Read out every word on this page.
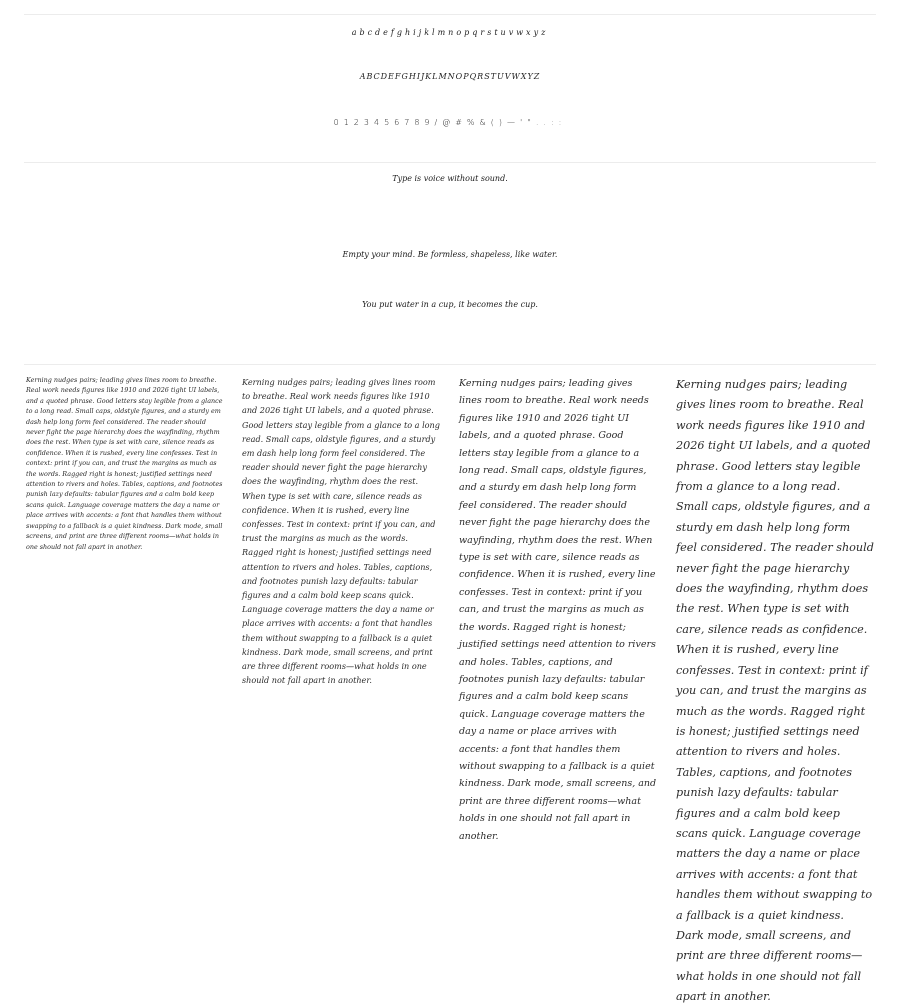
abcdefghijklmnopqrstuvwxyz
ABCDEFGHIJKLMNOPQRSTUVWXYZ
0123456789/@#%&()—'"..::
Type is voice without sound.
Empty your mind. Be formless, shapeless, like water.
You put water in a cup, it becomes the cup.
Kerning nudges pairs; leading gives lines room to breathe. Real work needs figures like 1910 and 2026 tight UI labels, and a quoted phrase. Good letters stay legible from a glance to a long read. Small caps, oldstyle figures, and a sturdy em dash help long form feel considered. The reader should never fight the page hierarchy does the wayfinding, rhythm does the rest. When type is set with care, silence reads as confidence. When it is rushed, every line confesses. Test in context: print if you can, and trust the margins as much as the words. Ragged right is honest; justified settings need attention to rivers and holes. Tables, captions, and footnotes punish lazy defaults: tabular figures and a calm bold keep scans quick. Language coverage matters the day a name or place arrives with accents: a font that handles them without swapping to a fallback is a quiet kindness. Dark mode, small screens, and print are three different rooms—what holds in one should not fall apart in another.
Kerning nudges pairs; leading gives lines room to breathe. Real work needs figures like 1910 and 2026 tight UI labels, and a quoted phrase. Good letters stay legible from a glance to a long read. Small caps, oldstyle figures, and a sturdy em dash help long form feel considered. The reader should never fight the page hierarchy does the wayfinding, rhythm does the rest. When type is set with care, silence reads as confidence. When it is rushed, every line confesses. Test in context: print if you can, and trust the margins as much as the words. Ragged right is honest; justified settings need attention to rivers and holes. Tables, captions, and footnotes punish lazy defaults: tabular figures and a calm bold keep scans quick. Language coverage matters the day a name or place arrives with accents: a font that handles them without swapping to a fallback is a quiet kindness. Dark mode, small screens, and print are three different rooms—what holds in one should not fall apart in another.
Kerning nudges pairs; leading gives lines room to breathe. Real work needs figures like 1910 and 2026 tight UI labels, and a quoted phrase. Good letters stay legible from a glance to a long read. Small caps, oldstyle figures, and a sturdy em dash help long form feel considered. The reader should never fight the page hierarchy does the wayfinding, rhythm does the rest. When type is set with care, silence reads as confidence. When it is rushed, every line confesses. Test in context: print if you can, and trust the margins as much as the words. Ragged right is honest; justified settings need attention to rivers and holes. Tables, captions, and footnotes punish lazy defaults: tabular figures and a calm bold keep scans quick. Language coverage matters the day a name or place arrives with accents: a font that handles them without swapping to a fallback is a quiet kindness. Dark mode, small screens, and print are three different rooms—what holds in one should not fall apart in another.
Kerning nudges pairs; leading gives lines room to breathe. Real work needs figures like 1910 and 2026 tight UI labels, and a quoted phrase. Good letters stay legible from a glance to a long read. Small caps, oldstyle figures, and a sturdy em dash help long form feel considered. The reader should never fight the page hierarchy does the wayfinding, rhythm does the rest. When type is set with care, silence reads as confidence. When it is rushed, every line confesses. Test in context: print if you can, and trust the margins as much as the words. Ragged right is honest; justified settings need attention to rivers and holes. Tables, captions, and footnotes punish lazy defaults: tabular figures and a calm bold keep scans quick. Language coverage matters the day a name or place arrives with accents: a font that handles them without swapping to a fallback is a quiet kindness. Dark mode, small screens, and print are three different rooms—what holds in one should not fall apart in another.
